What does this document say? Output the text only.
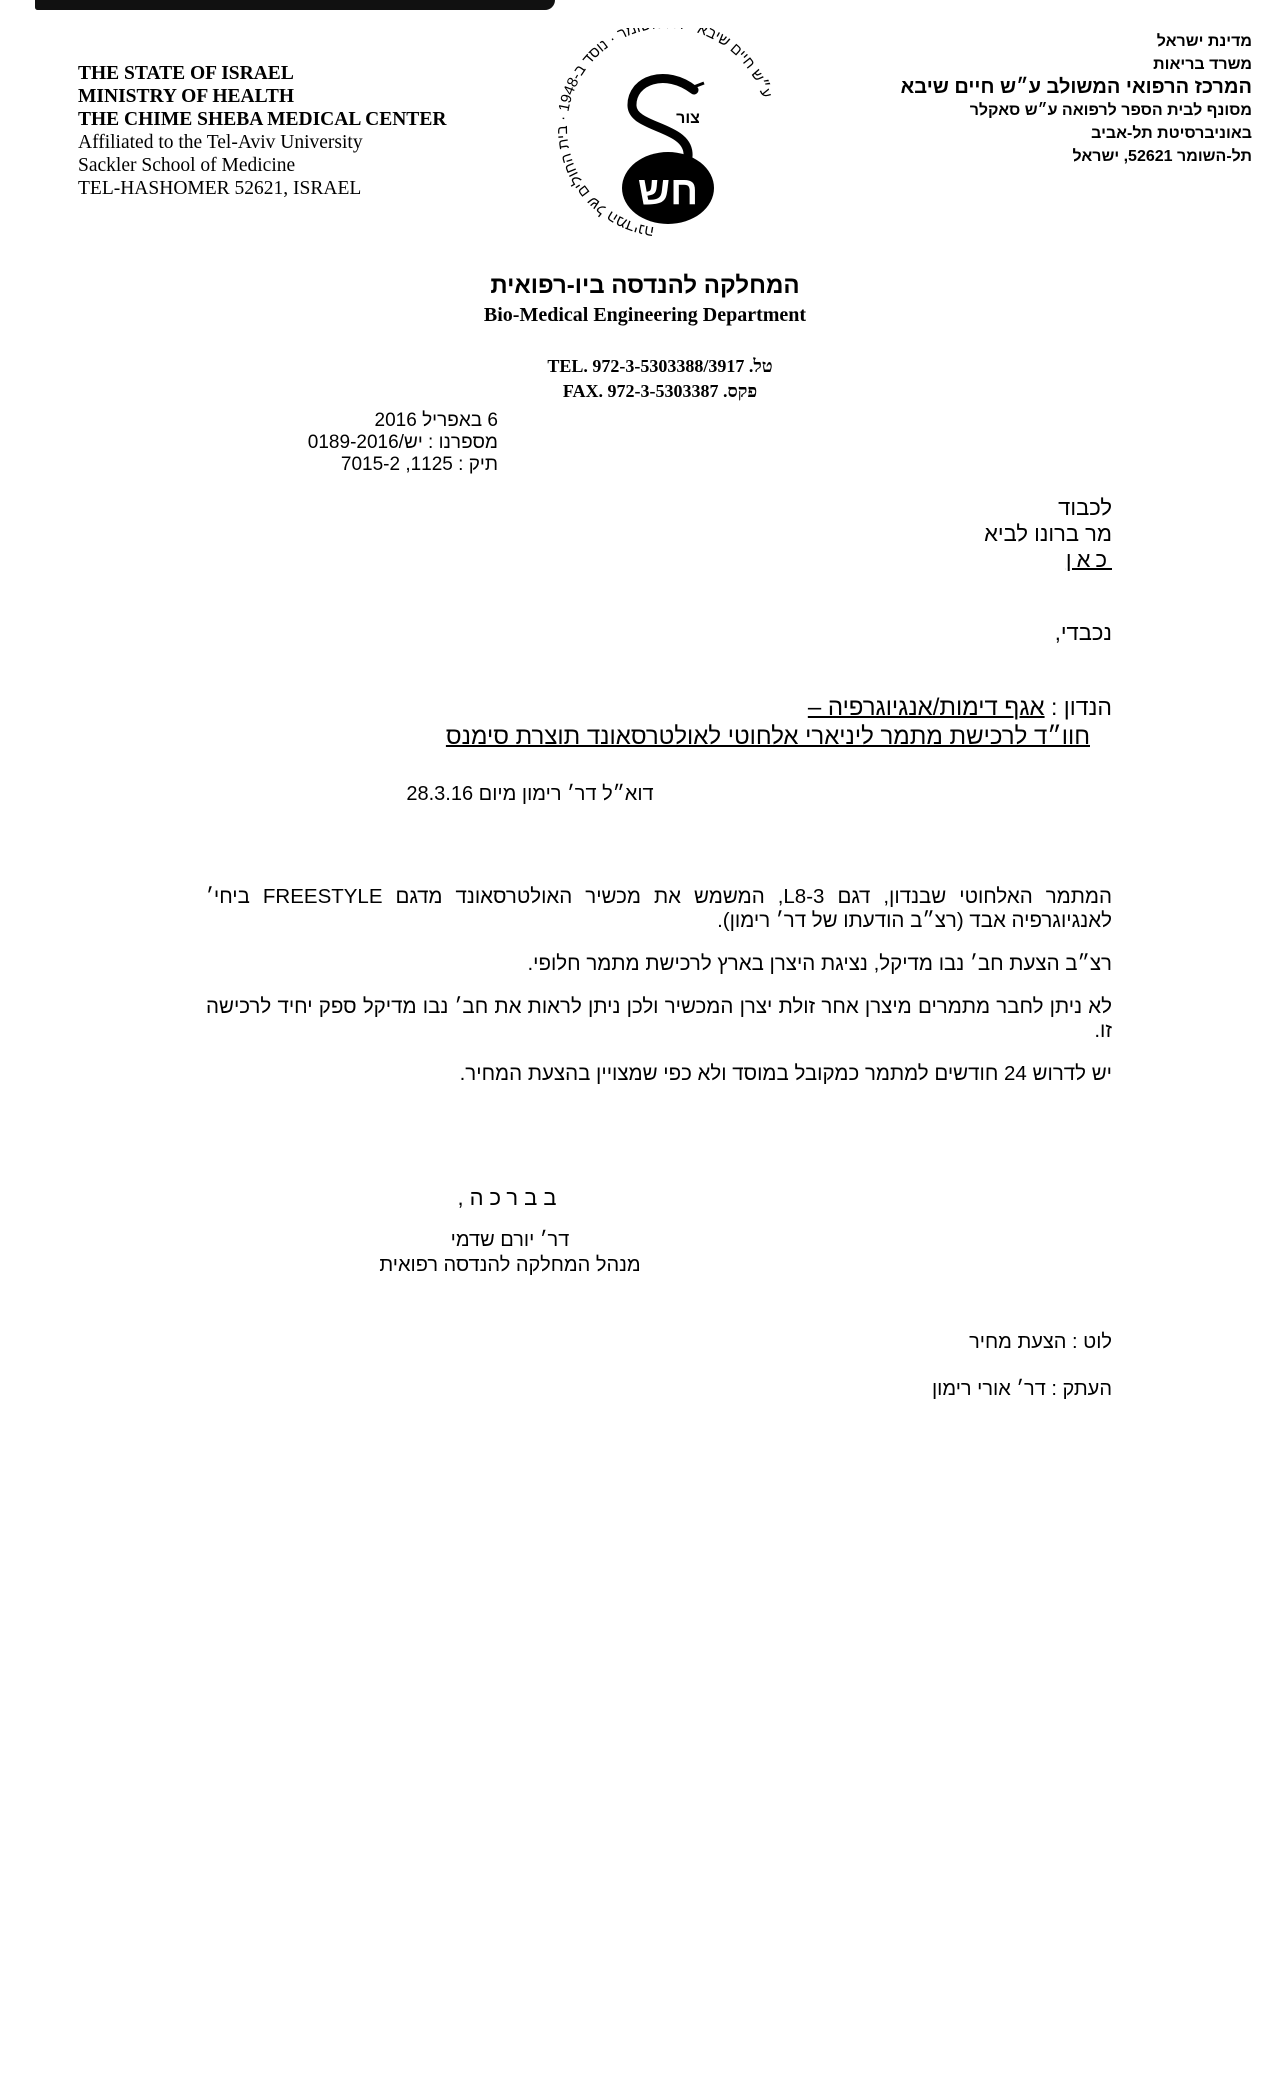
THE STATE OF ISRAEL
MINISTRY OF HEALTH
THE CHIME SHEBA MEDICAL CENTER
Affiliated to the Tel-Aviv University
Sackler School of Medicine
TEL-HASHOMER 52621, ISRAEL
מדינת ישראל
משרד בריאות
המרכז הרפואי המשולב ע״ש חיים שיבא
מסונף לבית הספר לרפואה ע״ש סאקלר
באוניברסיטת תל-אביב
תל-השומר 52621, ישראל
ע״ש חיים שיבא מר · נוסד ב-1948 · בית החולים של המדינה
חש
צור
המחלקה להנדסה ביו-רפואית
Bio-Medical Engineering Department
TEL. 972-3-5303388/3917 .טל
FAX. 972-3-5303387 .פקס
6 באפריל 2016
מספרנו : יש/0189-2016
תיק : 1125, 7015-2
לכבוד
מר ברונו לביא
כאן
נכבדי,
הנדון : אגף דימות/אנגיוגרפיה –
חוו״ד לרכישת מתמר ליניארי אלחוטי לאולטרסאונד תוצרת סימנס
דוא״ל דר׳ רימון מיום 28.3.16

המתמר האלחוטי שבנדון, דגם L8-3, המשמש את מכשיר האולטרסאונד מדגם FREESTYLE ביחי׳ לאנגיוגרפיה אבד (רצ״ב הודעתו של דר׳ רימון).

רצ״ב הצעת חב׳ נבו מדיקל, נציגת היצרן בארץ לרכישת מתמר חלופי.

לא ניתן לחבר מתמרים מיצרן אחר זולת יצרן המכשיר ולכן ניתן לראות את חב׳ נבו מדיקל ספק יחיד לרכישה זו.

יש לדרוש 24 חודשים למתמר כמקובל במוסד ולא כפי שמצויין בהצעת המחיר.

בברכה,
דר׳ יורם שדמי
מנהל המחלקה להנדסה רפואית
לוט : הצעת מחיר
העתק : דר׳ אורי רימון
